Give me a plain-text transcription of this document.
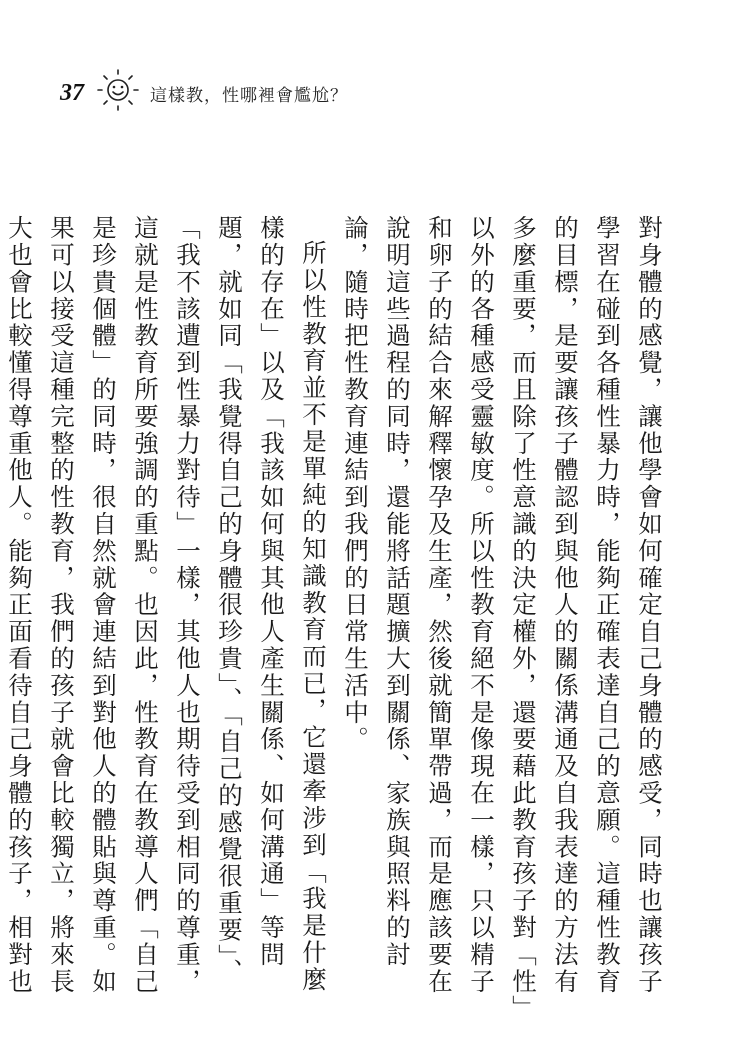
37	這樣教，性哪裡會尷尬？

對身體的感覺，讓他學會如何確定自己身體的感受，同時也讓孩子學習在碰到各種性暴力時，能夠正確表達自己的意願。這種性教育的目標，是要讓孩子體認到與他人的關係溝通及自我表達的方法有多麼重要，而且除了性意識的決定權外，還要藉此教育孩子對「性」以外的各種感受靈敏度。所以性教育絕不是像現在一樣，只以精子和卵子的結合來解釋懷孕及生產，然後就簡單帶過，而是應該要在說明這些過程的同時，還能將話題擴大到關係、家族與照料的討論，隨時把性教育連結到我們的日常生活中。

所以性教育並不是單純的知識教育而已，它還牽涉到「我是什麼樣的存在」以及「我該如何與其他人產生關係、如何溝通」等問題，就如同「我覺得自己的身體很珍貴」、「自己的感覺很重要」、「我不該遭到性暴力對待」一樣，其他人也期待受到相同的尊重，這就是性教育所要強調的重點。也因此，性教育在教導人們「自己是珍貴個體」的同時，很自然就會連結到對他人的體貼與尊重。如果可以接受這種完整的性教育，我們的孩子就會比較獨立，將來長大也會比較懂得尊重他人。能夠正面看待自己身體的孩子，相對也
